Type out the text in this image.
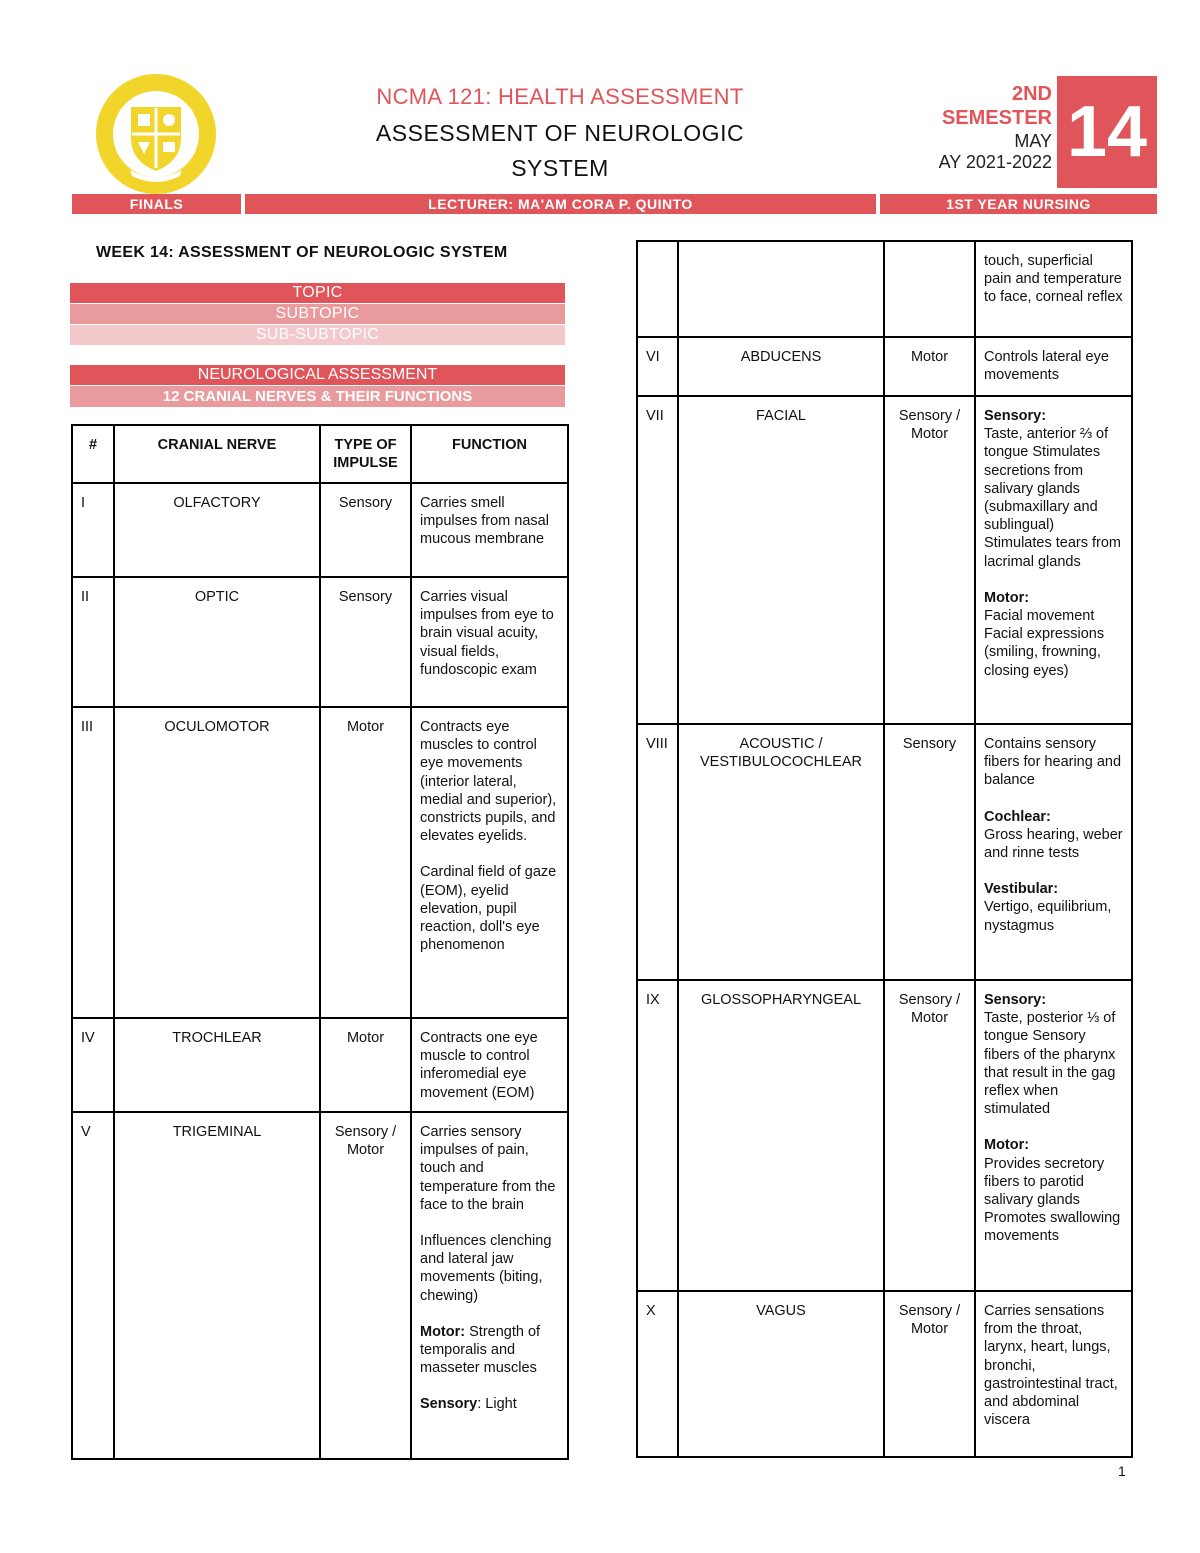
NCMA 121: HEALTH ASSESSMENT
ASSESSMENT OF NEUROLOGIC
SYSTEM
2ND
SEMESTER
MAY
AY 2021-2022 14
FINALS	LECTURER: MA'AM CORA P. QUINTO	1ST YEAR NURSING
WEEK 14: ASSESSMENT OF NEUROLOGIC SYSTEM
TOPIC
SUBTOPIC
SUB-SUBTOPIC
NEUROLOGICAL ASSESSMENT
12 CRANIAL NERVES & THEIR FUNCTIONS
#	CRANIAL NERVE	TYPE OF IMPULSE	FUNCTION
I	OLFACTORY	Sensory	Carries smell impulses from nasal mucous membrane
II	OPTIC	Sensory	Carries visual impulses from eye to brain visual acuity, visual fields, fundoscopic exam
III	OCULOMOTOR	Motor	Contracts eye muscles to control eye movements (interior lateral, medial and superior), constricts pupils, and elevates eyelids.
Cardinal field of gaze (EOM), eyelid elevation, pupil reaction, doll's eye phenomenon
IV	TROCHLEAR	Motor	Contracts one eye muscle to control inferomedial eye movement (EOM)
V	TRIGEMINAL	Sensory / Motor	Carries sensory impulses of pain, touch and temperature from the face to the brain
Influences clenching and lateral jaw movements (biting, chewing)
Motor: Strength of temporalis and masseter muscles
Sensory: Light
			touch, superficial pain and temperature to face, corneal reflex
VI	ABDUCENS	Motor	Controls lateral eye movements
VII	FACIAL	Sensory / Motor	Sensory:
Taste, anterior ⅔ of tongue Stimulates secretions from salivary glands (submaxillary and sublingual) Stimulates tears from lacrimal glands
Motor:
Facial movement Facial expressions (smiling, frowning, closing eyes)
VIII	ACOUSTIC / VESTIBULOCOCHLEAR	Sensory	Contains sensory fibers for hearing and balance
Cochlear:
Gross hearing, weber and rinne tests
Vestibular:
Vertigo, equilibrium, nystagmus
IX	GLOSSOPHARYNGEAL	Sensory / Motor	Sensory:
Taste, posterior ⅓ of tongue Sensory fibers of the pharynx that result in the gag reflex when stimulated
Motor:
Provides secretory fibers to parotid salivary glands Promotes swallowing movements
X	VAGUS	Sensory / Motor	Carries sensations from the throat, larynx, heart, lungs, bronchi, gastrointestinal tract, and abdominal viscera
1
